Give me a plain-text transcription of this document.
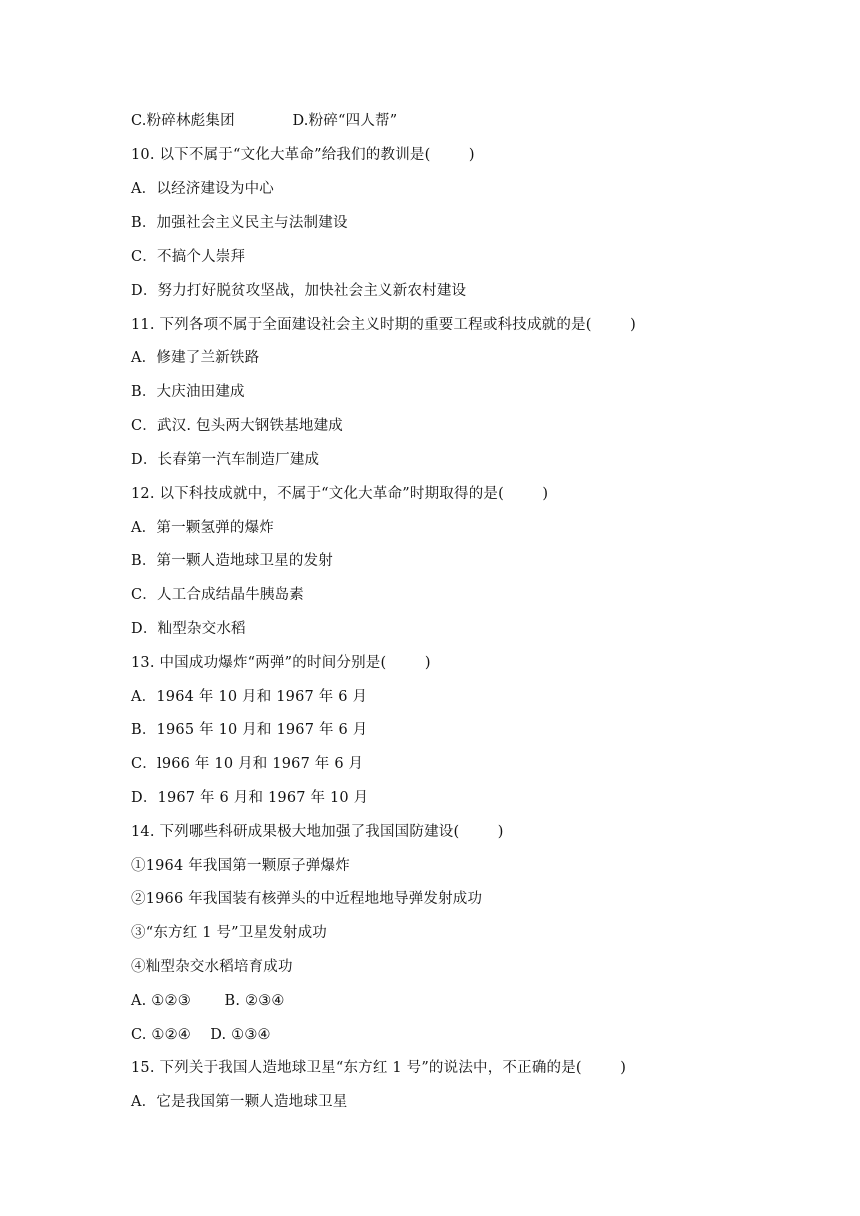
C.粉碎林彪集团            D.粉碎“四人帮”
10. 以下不属于“文化大革命”给我们的教训是(        )
A．以经济建设为中心
B．加强社会主义民主与法制建设
C．不搞个人崇拜
D．努力打好脱贫攻坚战，加快社会主义新农村建设
11. 下列各项不属于全面建设社会主义时期的重要工程或科技成就的是(        )
A．修建了兰新铁路
B．大庆油田建成
C．武汉. 包头两大钢铁基地建成
D．长春第一汽车制造厂建成
12. 以下科技成就中，不属于“文化大革命”时期取得的是(        )
A．第一颗氢弹的爆炸
B．第一颗人造地球卫星的发射
C．人工合成结晶牛胰岛素
D．籼型杂交水稻
13. 中国成功爆炸“两弹”的时间分别是(        )
A．1964 年 10 月和 1967 年 6 月
B．1965 年 10 月和 1967 年 6 月
C．l966 年 10 月和 1967 年 6 月
D．1967 年 6 月和 1967 年 10 月
14. 下列哪些科研成果极大地加强了我国国防建设(        )
①1964 年我国第一颗原子弹爆炸
②1966 年我国装有核弹头的中近程地地导弹发射成功
③“东方红 1 号”卫星发射成功
④籼型杂交水稻培育成功
A. ①②③       B. ②③④
C. ①②④    D. ①③④
15. 下列关于我国人造地球卫星“东方红 1 号”的说法中，不正确的是(        )
A．它是我国第一颗人造地球卫星
